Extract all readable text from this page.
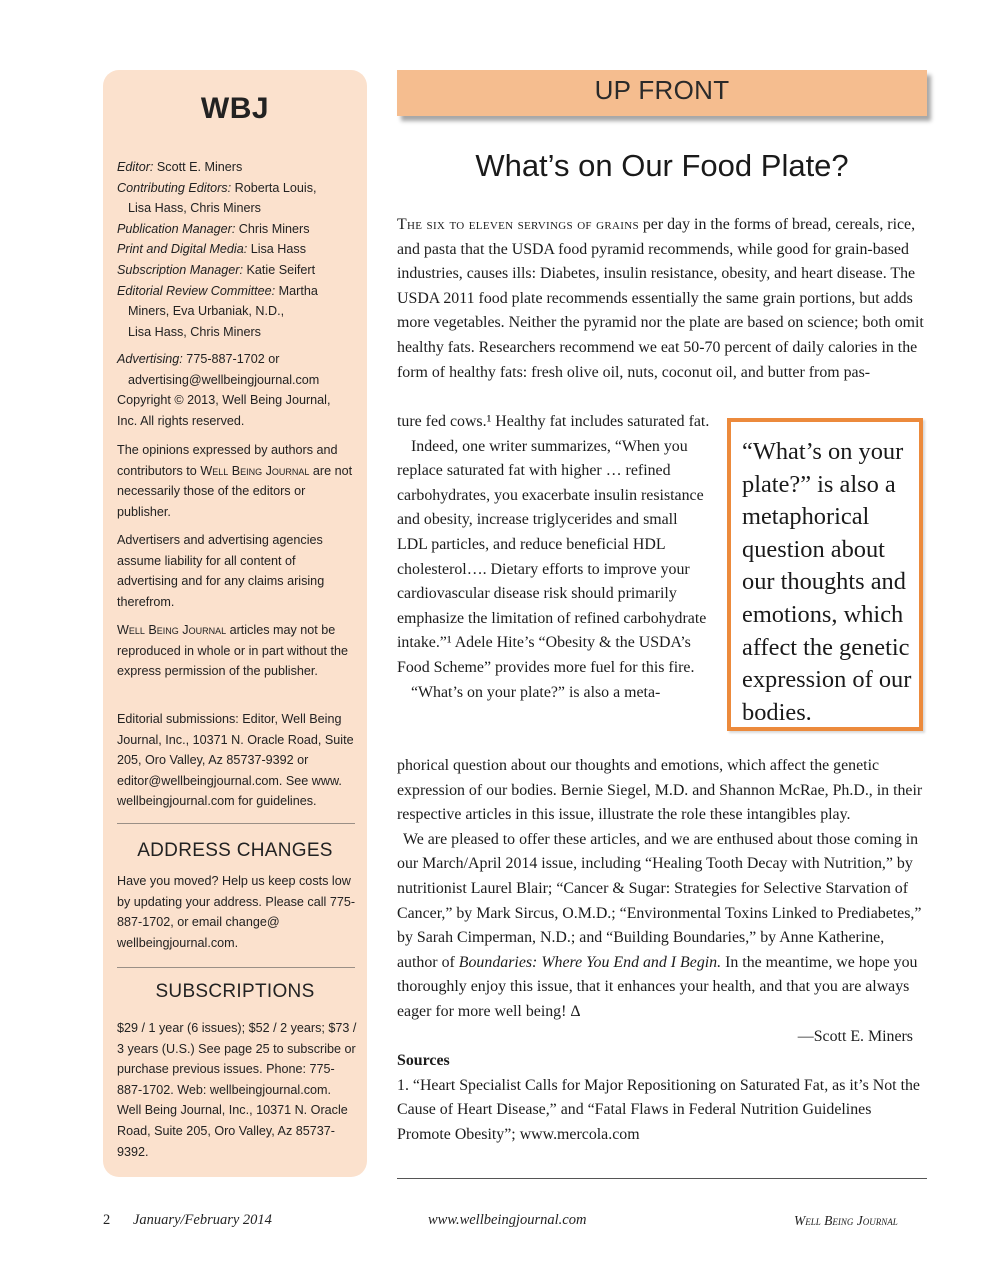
WBJ

Editor: Scott E. Miners

Contributing Editors: Roberta Louis,

Lisa Hass, Chris Miners

Publication Manager: Chris Miners

Print and Digital Media: Lisa Hass

Subscription Manager: Katie Seifert

Editorial Review Committee: Martha

Miners, Eva Urbaniak, N.D.,

Lisa Hass, Chris Miners

Advertising: 775-887-1702 or

advertising@wellbeingjournal.com

Copyright © 2013, Well Being Journal,

Inc. All rights reserved.

The opinions expressed by authors and contributors to Well Being Journal are not necessarily those of the editors or publisher.

Advertisers and advertising agencies assume liability for all content of advertising and for any claims arising therefrom.

Well Being Journal articles may not be reproduced in whole or in part without the express permission of the publisher.

Editorial submissions: Editor, Well Being Journal, Inc., 10371 N. Oracle Road, Suite 205, Oro Valley, Az 85737-9392 or editor@wellbeingjournal.com. See www. wellbeingjournal.com for guidelines.

ADDRESS CHANGES

Have you moved? Help us keep costs low by updating your address. Please call 775-887-1702, or email change@ wellbeingjournal.com.

SUBSCRIPTIONS

$29 / 1 year (6 issues); $52 / 2 years; $73 / 3 years (U.S.) See page 25 to subscribe or purchase previous issues. Phone: 775-887-1702. Web: wellbeingjournal.com. Well Being Journal, Inc., 10371 N. Oracle Road, Suite 205, Oro Valley, Az 85737-9392.

UP FRONT
What’s on Our Food Plate?

The six to eleven servings of grains per day in the forms of bread, cereals, rice, and pasta that the USDA food pyramid recommends, while good for grain-based industries, causes ills: Diabetes, insulin resistance, obesity, and heart disease. The USDA 2011 food plate recommends essentially the same grain portions, but adds more vegetables. Neither the pyramid nor the plate are based on science; both omit healthy fats. Researchers recommend we eat 50-70 percent of daily calories in the form of healthy fats: fresh olive oil, nuts, coconut oil, and butter from pas-

ture fed cows.¹ Healthy fat includes saturated fat.

Indeed, one writer summarizes, “When you replace saturated fat with higher … refined carbohydrates, you exacerbate insulin resistance and obesity, increase triglycerides and small LDL particles, and reduce beneficial HDL cholesterol…. Dietary efforts to improve your cardiovascular disease risk should primarily emphasize the limitation of refined carbohydrate intake.”¹ Adele Hite’s “Obesity & the USDA’s Food Scheme” provides more fuel for this fire.

“What’s on your plate?” is also a meta-

“What’s on your plate?” is also a metaphorical question about our thoughts and emotions, which affect the genetic expression of our bodies.

phorical question about our thoughts and emotions, which affect the genetic expression of our bodies. Bernie Siegel, M.D. and Shannon McRae, Ph.D., in their respective articles in this issue, illustrate the role these intangibles play.

We are pleased to offer these articles, and we are enthused about those coming in our March/April 2014 issue, including “Healing Tooth Decay with Nutrition,” by nutritionist Laurel Blair; “Cancer & Sugar: Strategies for Selective Starvation of Cancer,” by Mark Sircus, O.M.D.; “Environmental Toxins Linked to Prediabetes,” by Sarah Cimperman, N.D.; and “Building Boundaries,” by Anne Katherine, author of Boundaries: Where You End and I Begin. In the meantime, we hope you thoroughly enjoy this issue, that it enhances your health, and that you are always eager for more well being! Δ

—Scott E. Miners

Sources

1. “Heart Specialist Calls for Major Repositioning on Saturated Fat, as it’s Not the Cause of Heart Disease,” and “Fatal Flaws in Federal Nutrition Guidelines Promote Obesity”; www.mercola.com

2 January/February 2014	www.wellbeingjournal.com	Well Being Journal
